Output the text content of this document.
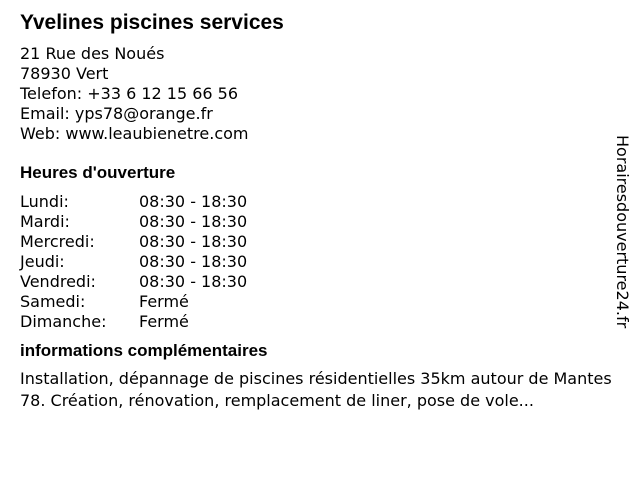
Yvelines piscines services
21 Rue des Noués
78930 Vert
Telefon: +33 6 12 15 66 56
Email: yps78@orange.fr
Web: www.leaubienetre.com
Heures d'ouverture
Lundi:	08:30 - 18:30
Mardi:	08:30 - 18:30
Mercredi:	08:30 - 18:30
Jeudi:	08:30 - 18:30
Vendredi:	08:30 - 18:30
Samedi:	Fermé
Dimanche:	Fermé
informations complémentaires
Installation, dépannage de piscines résidentielles 35km autour de Mantes 78. Création, rénovation, remplacement de liner, pose de vole...
Horairesdouverture24.fr
